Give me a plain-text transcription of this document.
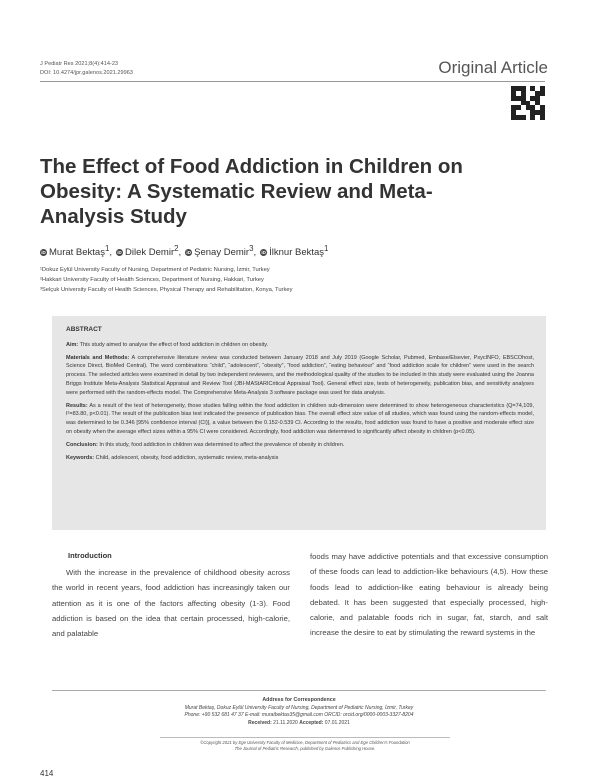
J Pediatr Res 2021;8(4):414-23
DOI: 10.4274/jpr.galenos.2021.29963	Original Article
The Effect of Food Addiction in Children on Obesity: A Systematic Review and Meta-Analysis Study
iD Murat Bektaş$^1$, iD Dilek Demir$^2$, iD Şenay Demir$^3$, iD İlknur Bektaş$^1$
¹Dokuz Eylül University Faculty of Nursing, Department of Pediatric Nursing, İzmir, Turkey
²Hakkari University Faculty of Health Sciences, Department of Nursing, Hakkari, Turkey
³Selçuk University Faculty of Health Sciences, Physical Therapy and Rehabilitation, Konya, Turkey

ABSTRACT

Aim: This study aimed to analyse the effect of food addiction in children on obesity.

Materials and Methods: A comprehensive literature review was conducted between January 2018 and July 2019 (Google Scholar, Pubmed, Embase/Elsevier, PsycINFO, EBSCOhost, Science Direct, BioMed Central). The word combinations “child”, “adolescent”, “obesity”, “food addiction”, “eating behaviour” and “food addiction scale for children” were used in the search process. The selected articles were examined in detail by two independent reviewers, and the methodological quality of the studies to be included in this study were evaluated using the Joanna Briggs Institute Meta-Analysis Statistical Appraisal and Review Tool (JBI-MAStARICritical Appraisal Tool). General effect size, tests of heterogeneity, publication bias, and sensitivity analyses were performed with the random-effects model. The Comprehensive Meta-Analysis 3 software package was used for data analysis.

Results: As a result of the test of heterogeneity, those studies falling within the food addiction in children sub-dimension were determined to show heterogeneous characteristics (Q=74,109, I²=83.80, p<0.01). The result of the publication bias test indicated the presence of publication bias. The overall effect size value of all studies, which was found using the random-effects model, was determined to be 0.346 [95% confidence interval (CI)], a value between the 0.152-0.539 CI. According to the results, food addiction was found to have a positive and moderate effect size on obesity when the average effect sizes within a 95% CI were considered. Accordingly, food addiction was determined to significantly affect obesity in children (p<0.05).

Conclusion: In this study, food addiction in children was determined to affect the prevalence of obesity in children.

Keywords: Child, adolescent, obesity, food addiction, systematic review, meta-analysis

Introduction

With the increase in the prevalence of childhood obesity across the world in recent years, food addiction has increasingly taken our attention as it is one of the factors affecting obesity (1-3). Food addiction is based on the idea that certain processed, high-calorie, and palatable

foods may have addictive potentials and that excessive consumption of these foods can lead to addiction-like behaviours (4,5). How these foods lead to addiction-like eating behaviour is already being debated. It has been suggested that especially processed, high-calorie, and palatable foods rich in sugar, fat, starch, and salt increase the desire to eat by stimulating the reward systems in the

Address for Correspondence
Murat Bektaş, Dokuz Eylül University Faculty of Nursing, Department of Pediatric Nursing, İzmir, Turkey
Phone: +90 532 681 47 37 E-mail: muratbektas35@gmail.com ORCID: orcid.org/0000-0003-3327-8204
Received: 21.11.2020 Accepted: 07.01.2021
©Copyright 2021 by Ege University Faculty of Medicine, Department of Pediatrics and Ege Children’s Foundation
The Journal of Pediatric Research, published by Galenos Publishing House.
414
